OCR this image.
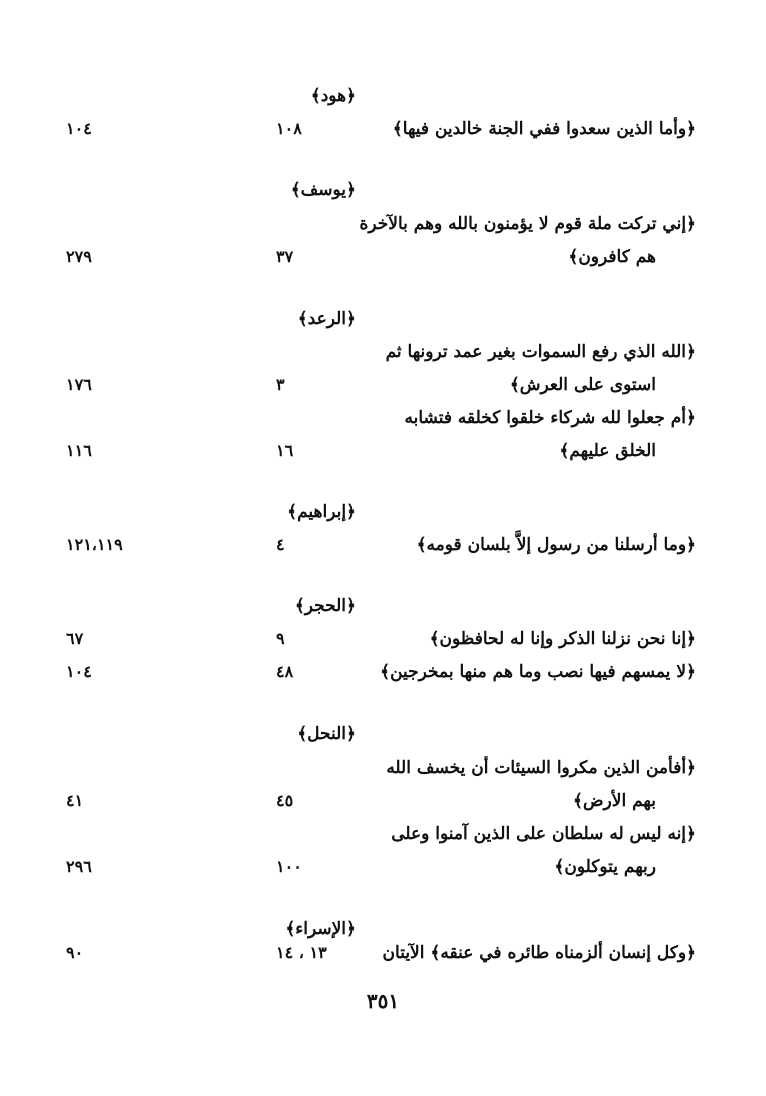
٣٥١
﴿هود﴾
﴿وأما الذين سعدوا ففي الجنة خالدين فيها﴾
١٠٨
١٠٤
﴿يوسف﴾
﴿إني تركت ملة قوم لا يؤمنون بالله وهم بالآخرة
هم كافرون﴾
٣٧
٢٧٩
﴿الرعد﴾
﴿الله الذي رفع السموات بغير عمد ترونها ثم
استوى على العرش﴾
٣
١٧٦
﴿أم جعلوا لله شركاء خلقوا كخلقه فتشابه
الخلق عليهم﴾
١٦
١١٦
﴿إبراهيم﴾
﴿وما أرسلنا من رسول إلاَّ بلسان قومه﴾
٤
١٢١،١١٩
﴿الحجر﴾
﴿إنا نحن نزلنا الذكر وإنا له لحافظون﴾
٩
٦٧
﴿لا يمسهم فيها نصب وما هم منها بمخرجين﴾
٤٨
١٠٤
﴿النحل﴾
﴿أفأمن الذين مكروا السيئات أن يخسف الله
بهم الأرض﴾
٤٥
٤١
﴿إنه ليس له سلطان على الذين آمنوا وعلى
ربهم يتوكلون﴾
١٠٠
٢٩٦
﴿الإسراء﴾
﴿وكل إنسان ألزمناه طائره في عنقه﴾ الآيتان
١٣ ، ١٤
٩٠
